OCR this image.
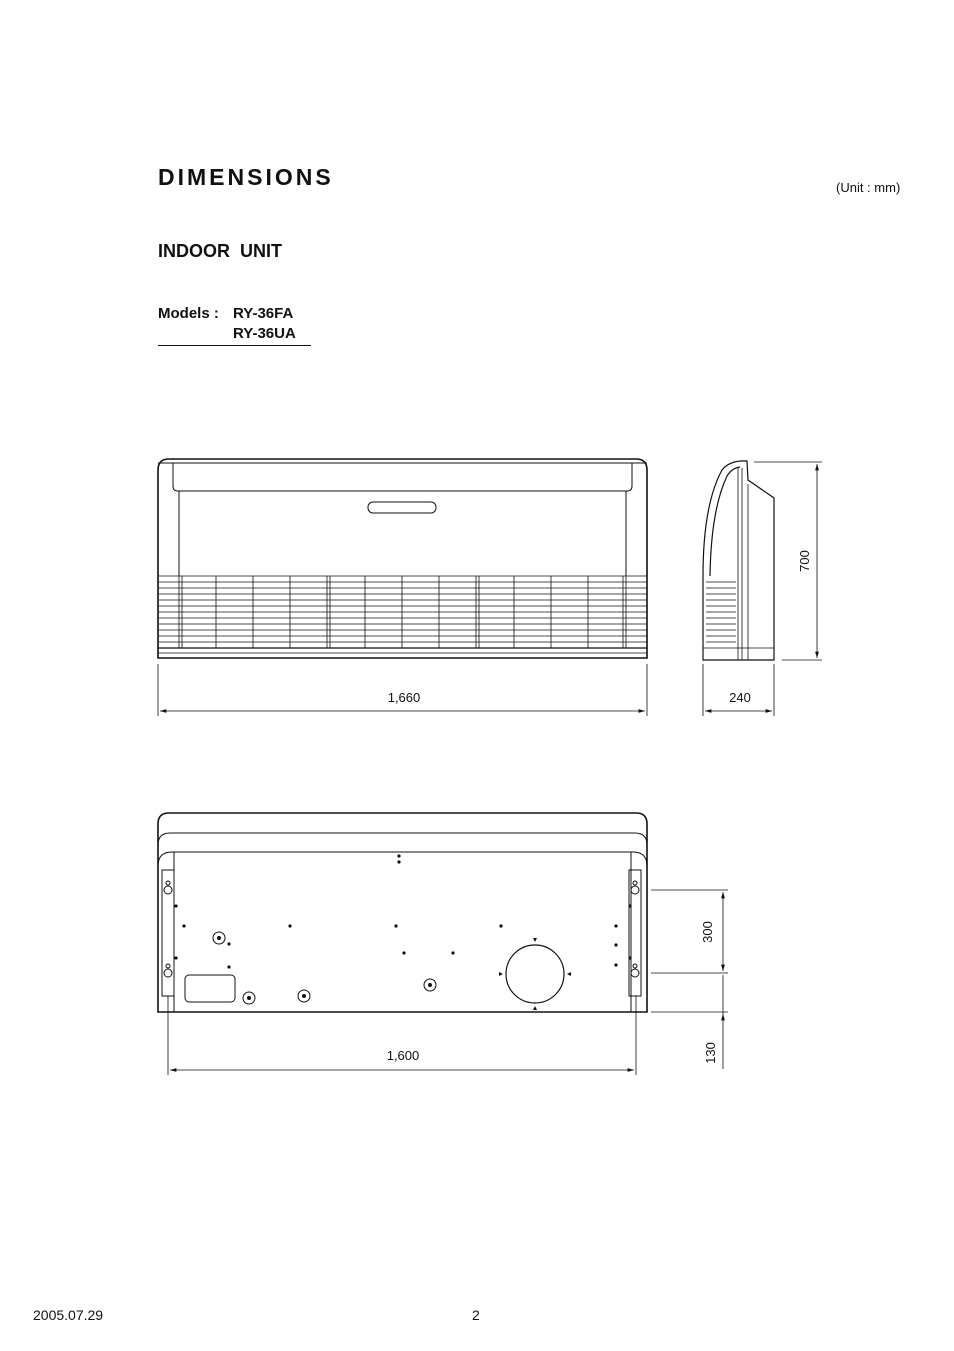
DIMENSIONS	(Unit : mm)
INDOOR  UNIT
Models : RY-36FA
RY-36UA
1,660	240
700
1,600
300
130
2005.07.29	2
